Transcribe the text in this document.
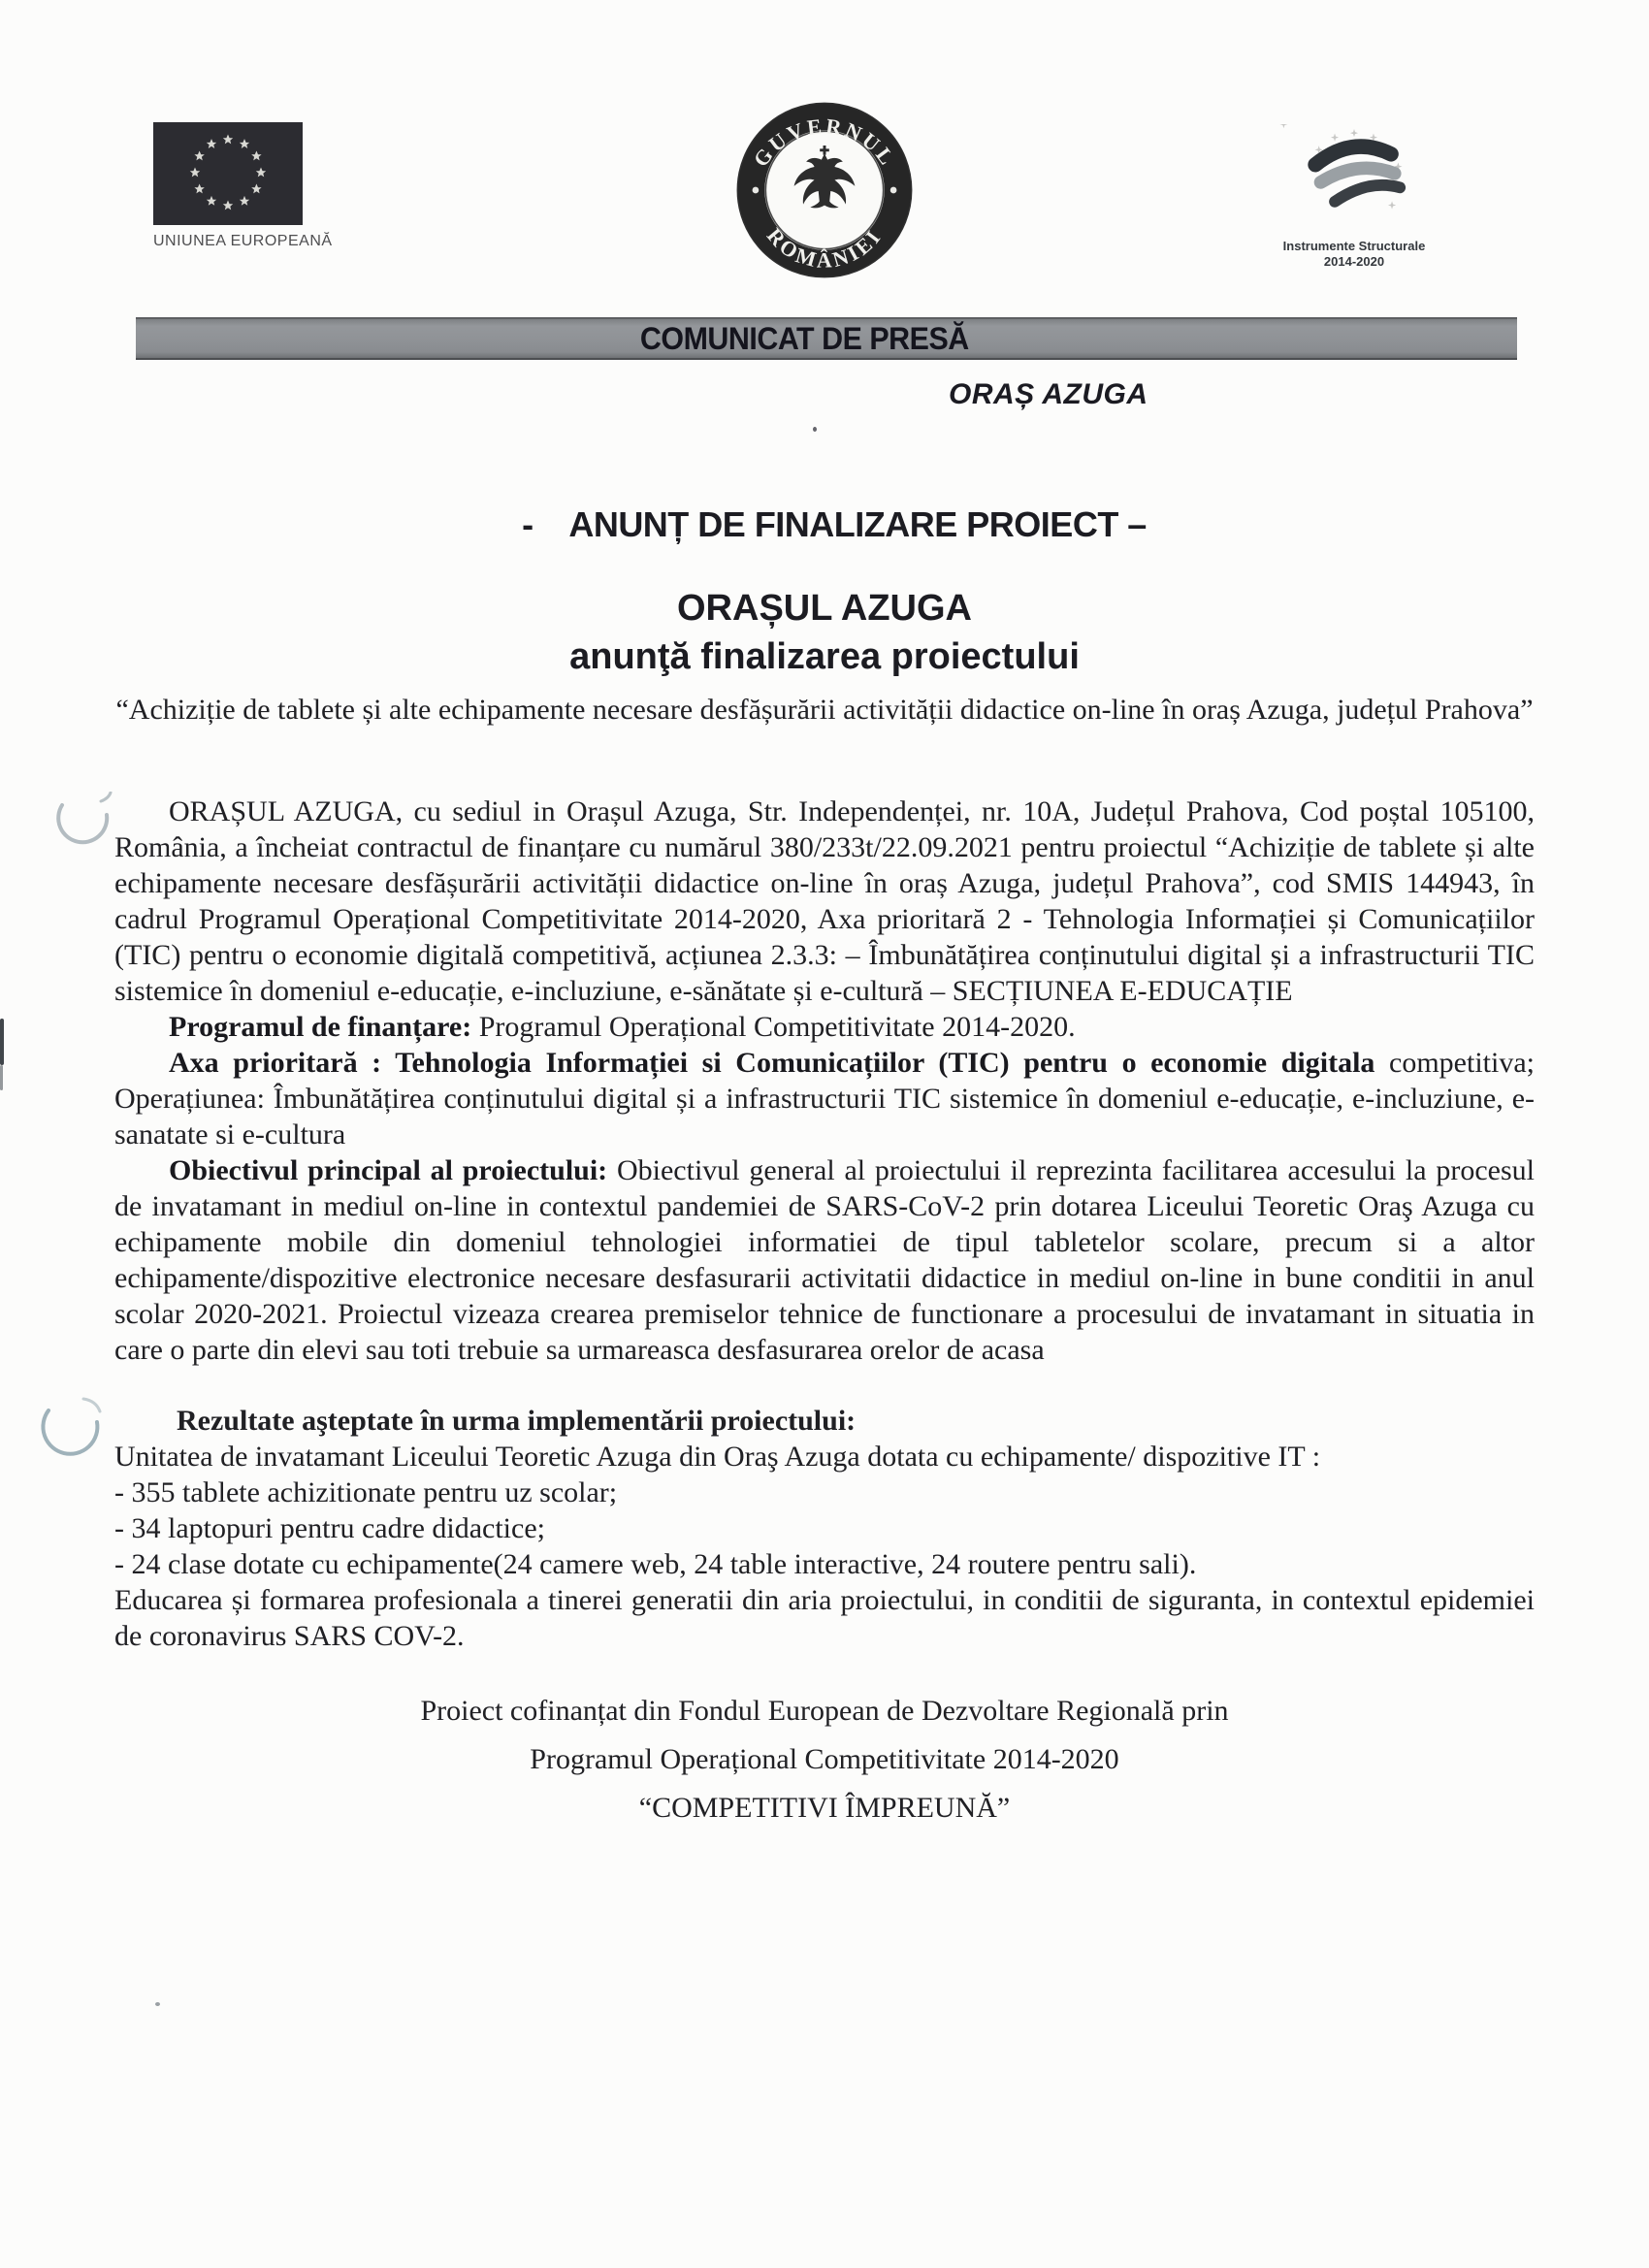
UNIUNEA EUROPEANĂ
GUVERNUL
ROMÂNIEI	Instrumente Structurale
2014-2020
COMUNICAT DE PRESĂ
ORAȘ AZUGA
-    ANUNȚ DE FINALIZARE PROIECT –
ORAȘUL AZUGA
anunţă finalizarea proiectului
“Achiziție de tablete și alte echipamente necesare desfășurării activității didactice on-line în oraș Azuga, județul Prahova”

ORAȘUL AZUGA, cu sediul in Orașul Azuga, Str. Independenței, nr. 10A, Județul Prahova, Cod poștal 105100, România, a încheiat contractul de finanțare cu numărul 380/233t/22.09.2021 pentru proiectul “Achiziție de tablete și alte echipamente necesare desfășurării activității didactice on-line în oraș Azuga, județul Prahova”, cod SMIS 144943, în cadrul Programul Operațional Competitivitate 2014-2020, Axa prioritară 2 - Tehnologia Informației și Comunicațiilor (TIC) pentru o economie digitală competitivă, acțiunea 2.3.3: – Îmbunătățirea conținutului digital și a infrastructurii TIC sistemice în domeniul e-educație, e-incluziune, e-sănătate și e-cultură – SECȚIUNEA E-EDUCAȚIE

Programul de finanțare: Programul Operațional Competitivitate 2014-2020.

Axa prioritară : Tehnologia Informației si Comunicațiilor (TIC) pentru o economie digitala competitiva; Operațiunea: Îmbunătățirea conținutului digital și a infrastructurii TIC sistemice în domeniul e-educație, e-incluziune, e-sanatate si e-cultura

Obiectivul principal al proiectului: Obiectivul general al proiectului il reprezinta facilitarea accesului la procesul de invatamant in mediul on-line in contextul pandemiei de SARS-CoV-2 prin dotarea Liceului Teoretic Oraş Azuga cu echipamente mobile din domeniul tehnologiei informatiei de tipul tabletelor scolare, precum si a altor echipamente/dispozitive electronice necesare desfasurarii activitatii didactice in mediul on-line in bune conditii in anul scolar 2020-2021. Proiectul vizeaza crearea premiselor tehnice de functionare a procesului de invatamant in situatia in care o parte din elevi sau toti trebuie sa urmareasca desfasurarea orelor de acasa

Rezultate aşteptate în urma implementării proiectului:

Unitatea de invatamant Liceului Teoretic Azuga din Oraş Azuga dotata cu echipamente/ dispozitive IT :

- 355 tablete achizitionate pentru uz scolar;

- 34 laptopuri pentru cadre didactice;

- 24 clase dotate cu echipamente(24 camere web, 24 table interactive, 24 routere pentru sali).

Educarea și formarea profesionala a tinerei generatii din aria proiectului, in conditii de siguranta, in contextul epidemiei de coronavirus SARS COV-2.

Proiect cofinanțat din Fondul European de Dezvoltare Regională prin

Programul Operațional Competitivitate 2014-2020

“COMPETITIVI ÎMPREUNĂ”
